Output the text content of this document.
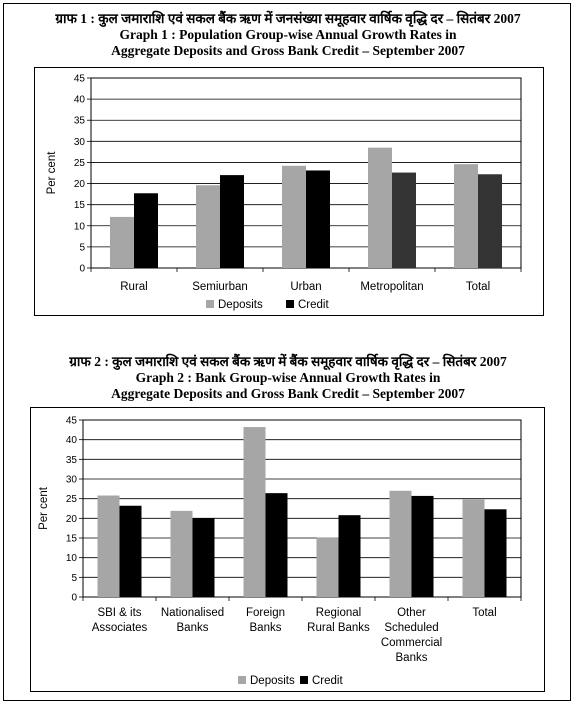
ग्राफ 1 : कुल जमाराशि एवं सकल बैंक ऋण में जनसंख्या समूहवार वार्षिक वृद्धि दर – सितंबर 2007
Graph 1 : Population Group-wise Annual Growth Rates in
Aggregate Deposits and Gross Bank Credit – September 2007
0
5
10
15
20
25
30
35
40
45
Per cent
Rural	Semiurban	Urban	Metropolitan	Total
Deposits	Credit
ग्राफ 2 : कुल जमाराशि एवं सकल बैंक ऋण में बैंक समूहवार वार्षिक वृद्धि दर – सितंबर 2007
Graph 2 : Bank Group-wise Annual Growth Rates in
Aggregate Deposits and Gross Bank Credit – September 2007
0
5
10
15
20
25
30
35
40
45
Per cent
SBI & its
Associates
Nationalised
Banks
Foreign
Banks
Regional
Rural Banks
Other
Scheduled
Commercial
Banks
Total
Deposits Credit
